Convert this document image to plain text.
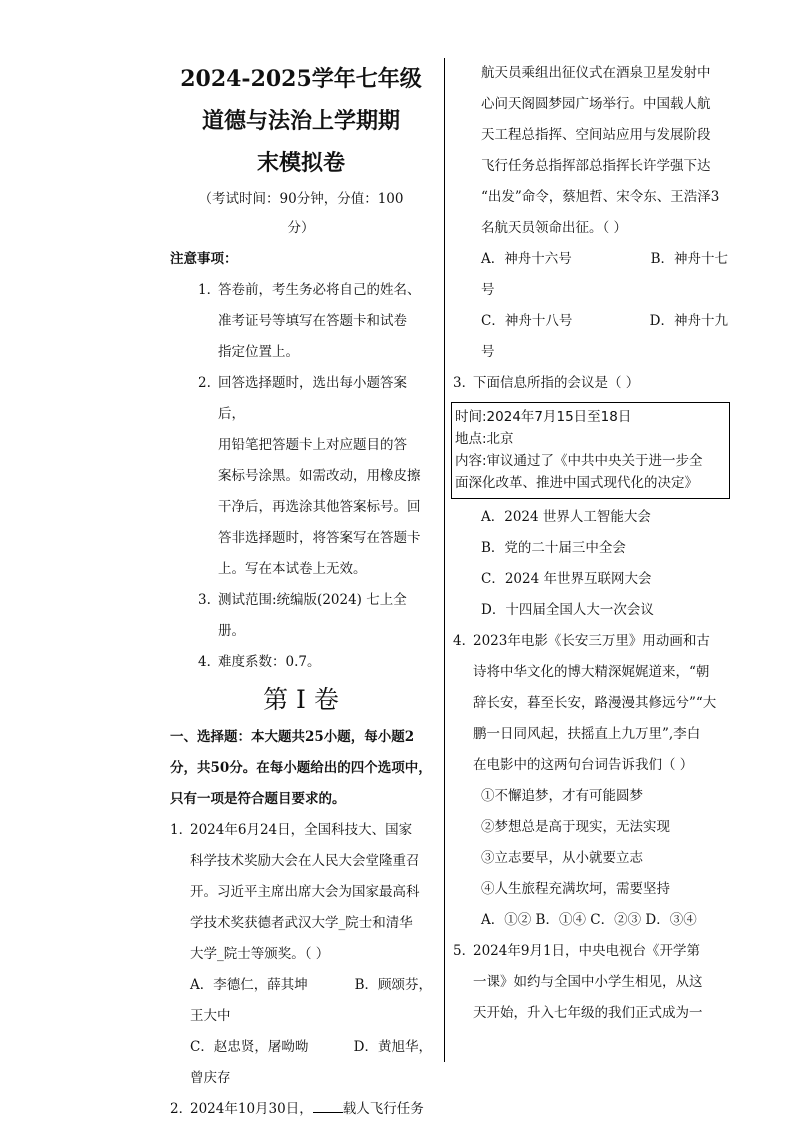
2024-2025学年七年级
道德与法治上学期期
末模拟卷
（考试时间：90分钟，分值：100
分）
注意事项：
1．
答卷前，考生务必将自己的姓名、
准考证号等填写在答题卡和试卷
指定位置上。
2. 回答选择题时，选出每小题答案后，
用铅笔把答题卡上对应题目的答
案标号涂黑。如需改动，用橡皮擦
干净后，再选涂其他答案标号。回
答非选择题时，将答案写在答题卡
上。写在本试卷上无效。
3. 测试范围:统编版(2024) 七上全册。
4．
难度系数：0.7。
第 I 卷
一、选择题：本大题共25小题，每小题2
分，共50分。在每小题给出的四个选项中，
只有一项是符合题目要求的。
1．
2024年6月24日，全国科技大、国家
科学技术奖励大会在人民大会堂隆重召
开。习近平主席出席大会为国家最高科
学技术奖获德者武汉大学_院士和清华
大学_院士等颁奖。（ ）
A．李德仁，薛其坤	B．顾颂芬，
王大中
C．赵忠贤，屠呦呦	D．黄旭华，
曾庆存
2．
2024年10月30日， 载人飞行任务
航天员乘组出征仪式在酒泉卫星发射中
心问天阁圆梦园广场举行。中国载人航
天工程总指挥、空间站应用与发展阶段
飞行任务总指挥部总指挥长许学强下达
“出发”命令，蔡旭哲、宋令东、王浩泽3
名航天员领命出征。（ ）
A．神舟十六号	B．神舟十七
号
C．神舟十八号	D．神舟十九
号
3．
下面信息所指的会议是（ ）
时间:2024年7月15日至18日
地点:北京
内容:审议通过了《中共中央关于进一步全
面深化改革、推进中国式现代化的决定》
A．2024 世界人工智能大会
B．党的二十届三中全会
C．2024 年世界互联网大会
D．十四届全国人大一次会议
4．
2023年电影《长安三万里》用动画和古
诗将中华文化的博大精深娓娓道来，“朝
辞长安，暮至长安，路漫漫其修远兮”“大
鹏一日同风起，扶摇直上九万里”,李白
在电影中的这两句台词告诉我们（ ）
①不懈追梦，才有可能圆梦
②梦想总是高于现实，无法实现
③立志要早，从小就要立志
④人生旅程充满坎坷，需要坚持
A．①② B．①④ C．②③ D．③④
5．
2024年9月1日，中央电视台《开学第
一课》如约与全国中小学生相见，从这
天开始，升入七年级的我们正式成为一
